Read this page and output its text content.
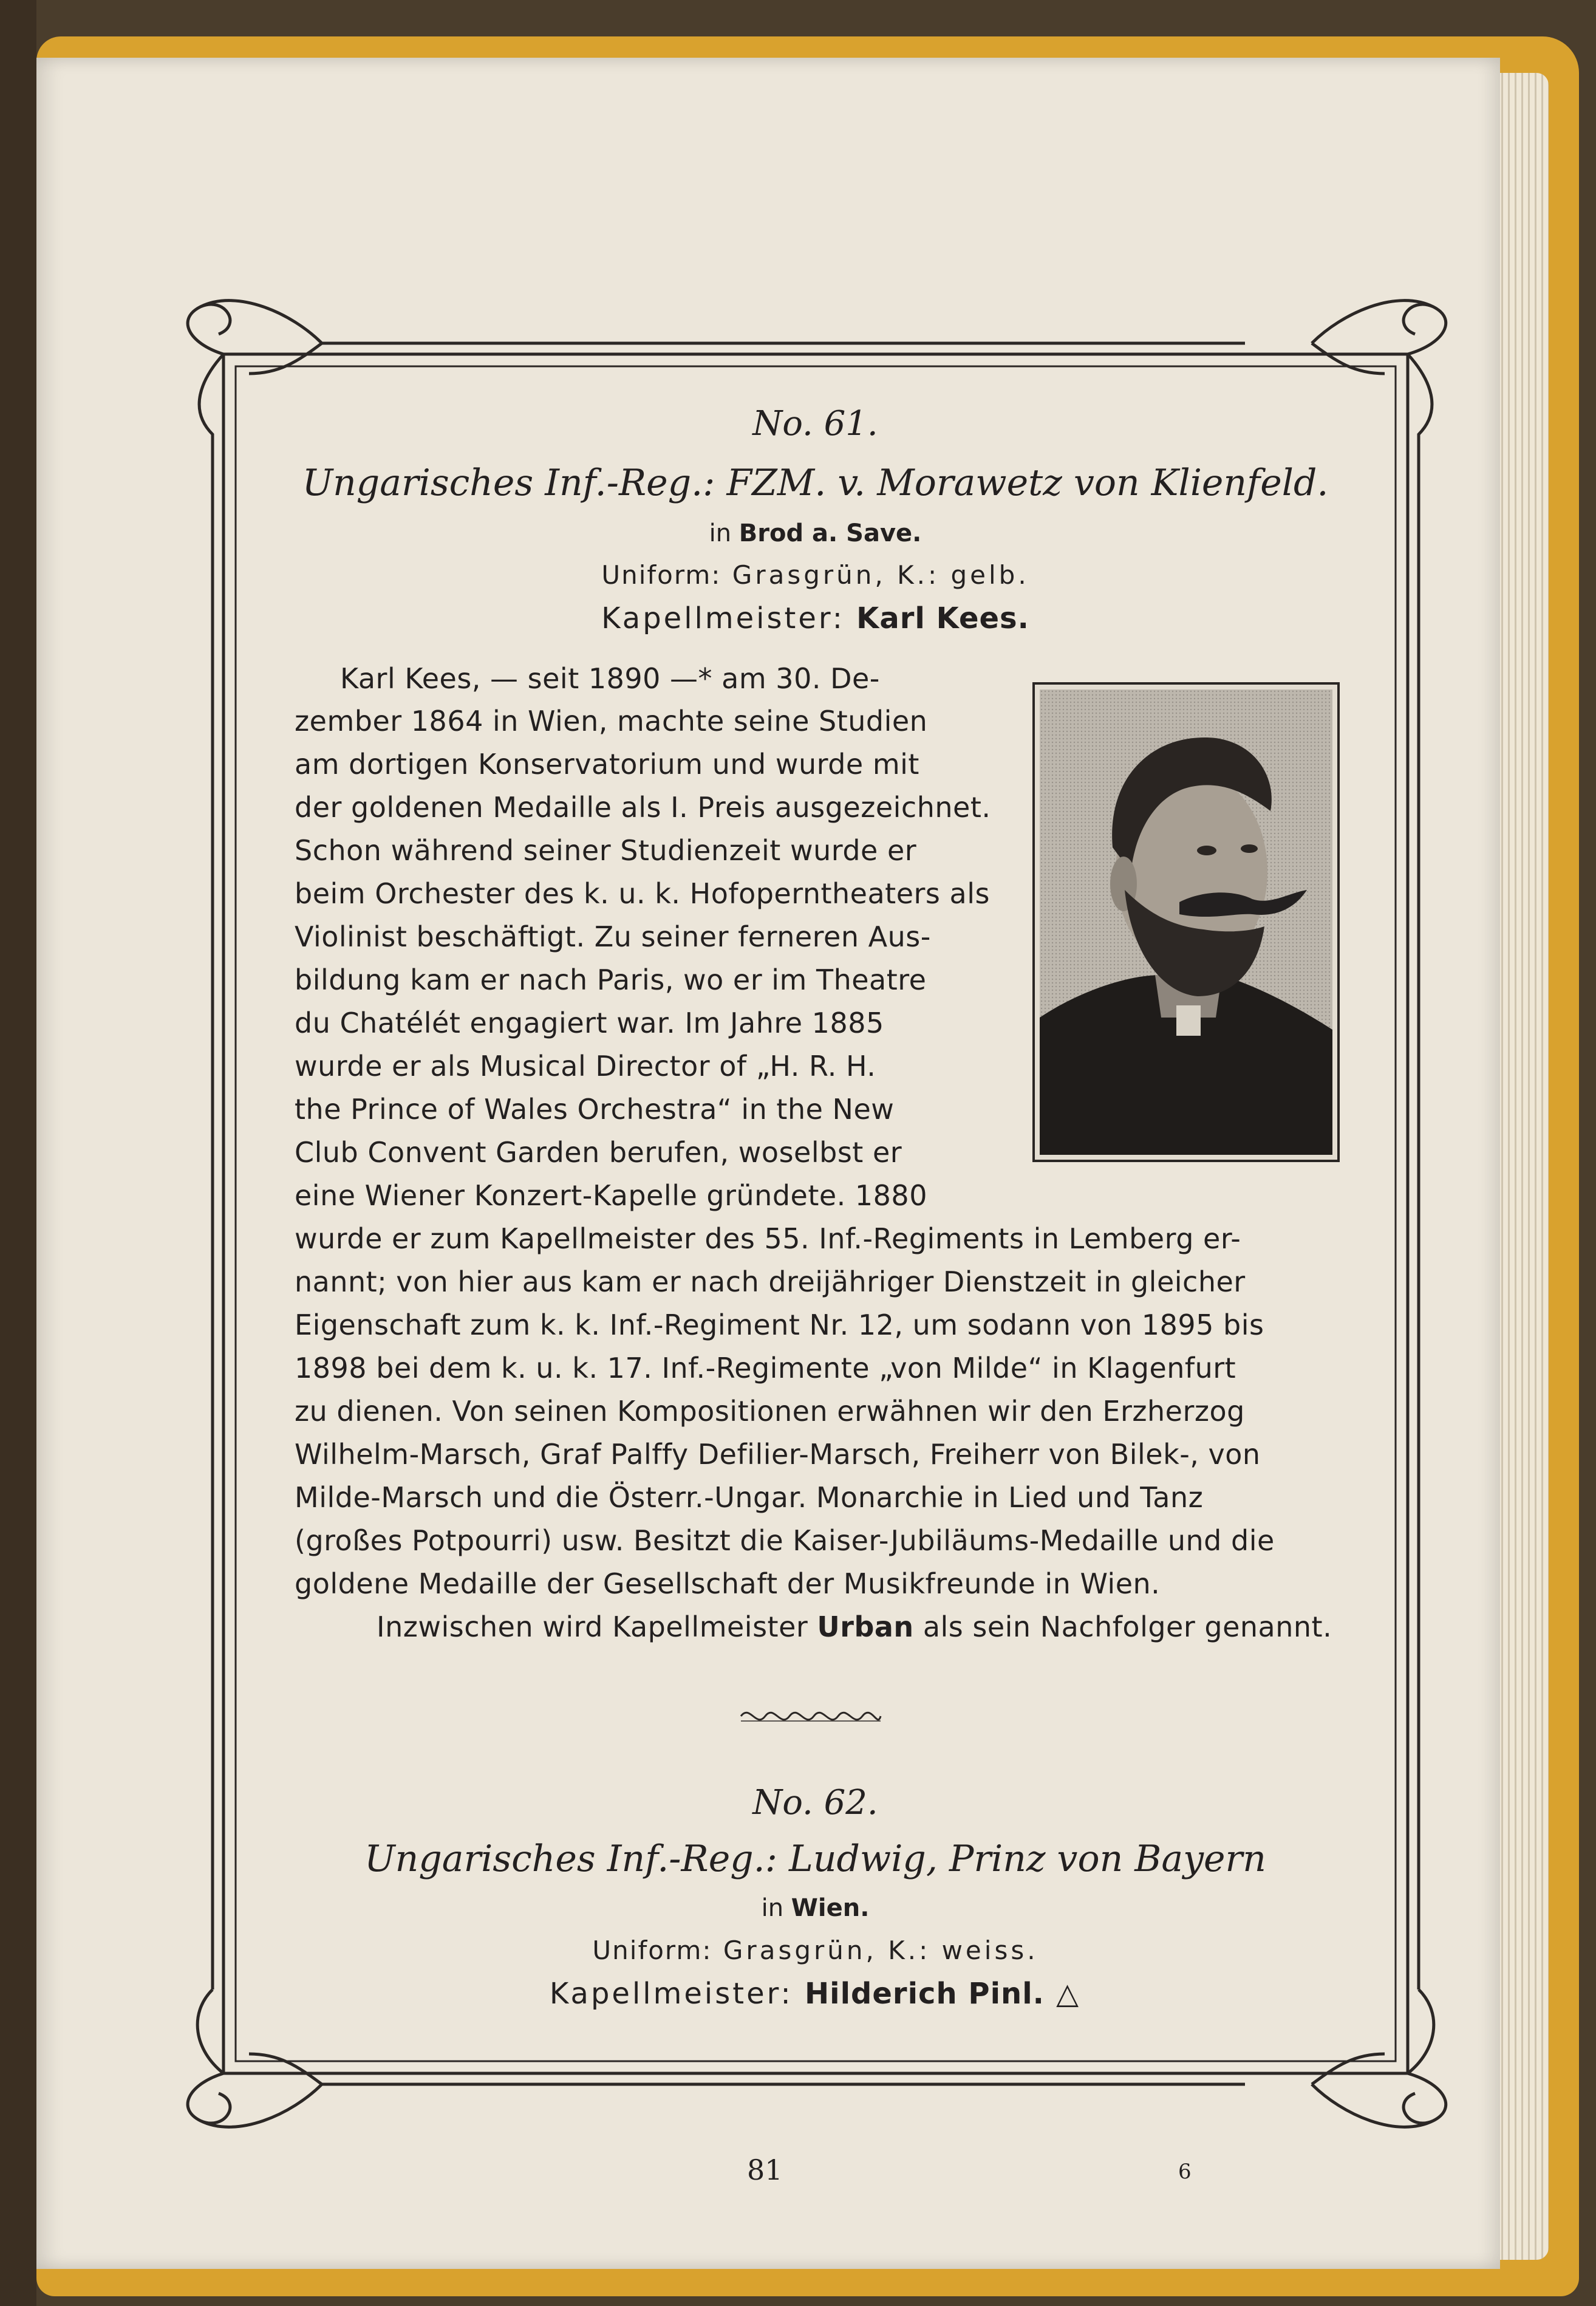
No. 61.
Ungarisches Inf.-Reg.: FZM. v. Morawetz von Klienfeld.
in Brod a. Save.
Uniform: Grasgrün, K.: gelb.
Kapellmeister: Karl Kees.
Karl Kees, — seit 1890 —* am 30. De-
zember 1864 in Wien, machte seine Studien
am dortigen Konservatorium und wurde mit
der goldenen Medaille als I. Preis ausgezeichnet.
Schon während seiner Studienzeit wurde er
beim Orchester des k. u. k. Hofoperntheaters als
Violinist beschäftigt. Zu seiner ferneren Aus-
bildung kam er nach Paris, wo er im Theatre
du Chatélét engagiert war. Im Jahre 1885
wurde er als Musical Director of „H. R. H.
the Prince of Wales Orchestra“ in the New
Club Convent Garden berufen, woselbst er
eine Wiener Konzert-Kapelle gründete. 1880
wurde er zum Kapellmeister des 55. Inf.-Regiments in Lemberg er-
nannt; von hier aus kam er nach dreijähriger Dienstzeit in gleicher
Eigenschaft zum k. k. Inf.-Regiment Nr. 12, um sodann von 1895 bis
1898 bei dem k. u. k. 17. Inf.-Regimente „von Milde“ in Klagenfurt
zu dienen. Von seinen Kompositionen erwähnen wir den Erzherzog
Wilhelm-Marsch, Graf Palffy Defilier-Marsch, Freiherr von Bilek-, von
Milde-Marsch und die Österr.-Ungar. Monarchie in Lied und Tanz
(großes Potpourri) usw. Besitzt die Kaiser-Jubiläums-Medaille und die
goldene Medaille der Gesellschaft der Musikfreunde in Wien.
Inzwischen wird Kapellmeister Urban als sein Nachfolger genannt.
No. 62.
Ungarisches Inf.-Reg.: Ludwig, Prinz von Bayern
in Wien.
Uniform: Grasgrün, K.: weiss.
Kapellmeister: Hilderich Pinl. △
81	6
